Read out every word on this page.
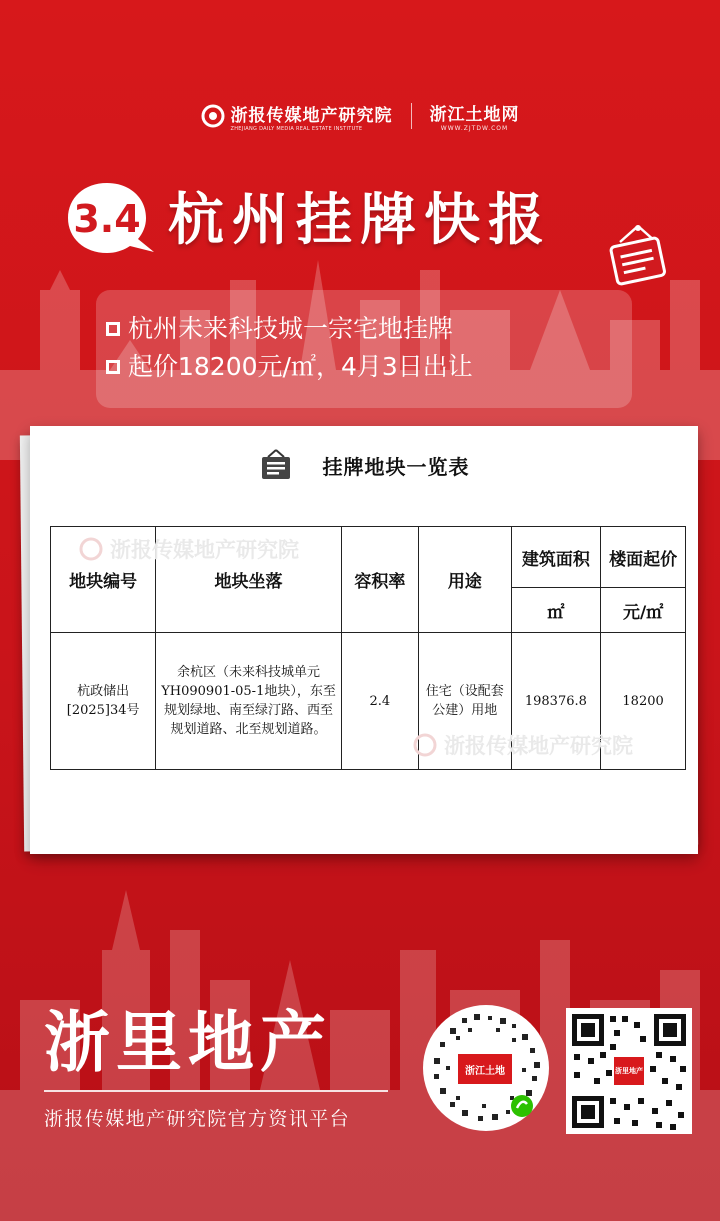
浙报传媒地产研究院
ZHEJIANG DAILY MEDIA REAL ESTATE INSTITUTE
浙江土地网
WWW.ZJTDW.COM
3.4 杭州挂牌快报
杭州未来科技城一宗宅地挂牌
起价18200元/㎡，4月3日出让
挂牌地块一览表
地块编号	地块坐落	容积率	用途	建筑面积	楼面起价
				㎡	元/㎡
杭政储出[2025]34号	余杭区（未来科技城单元YH090901-05-1地块），东至规划绿地、南至绿汀路、西至规划道路、北至规划道路。	2.4	住宅（设配套公建）用地	198376.8	18200
浙报传媒地产研究院
浙报传媒地产研究院
浙里地产
浙报传媒地产研究院官方资讯平台
浙江土地	浙里地产
